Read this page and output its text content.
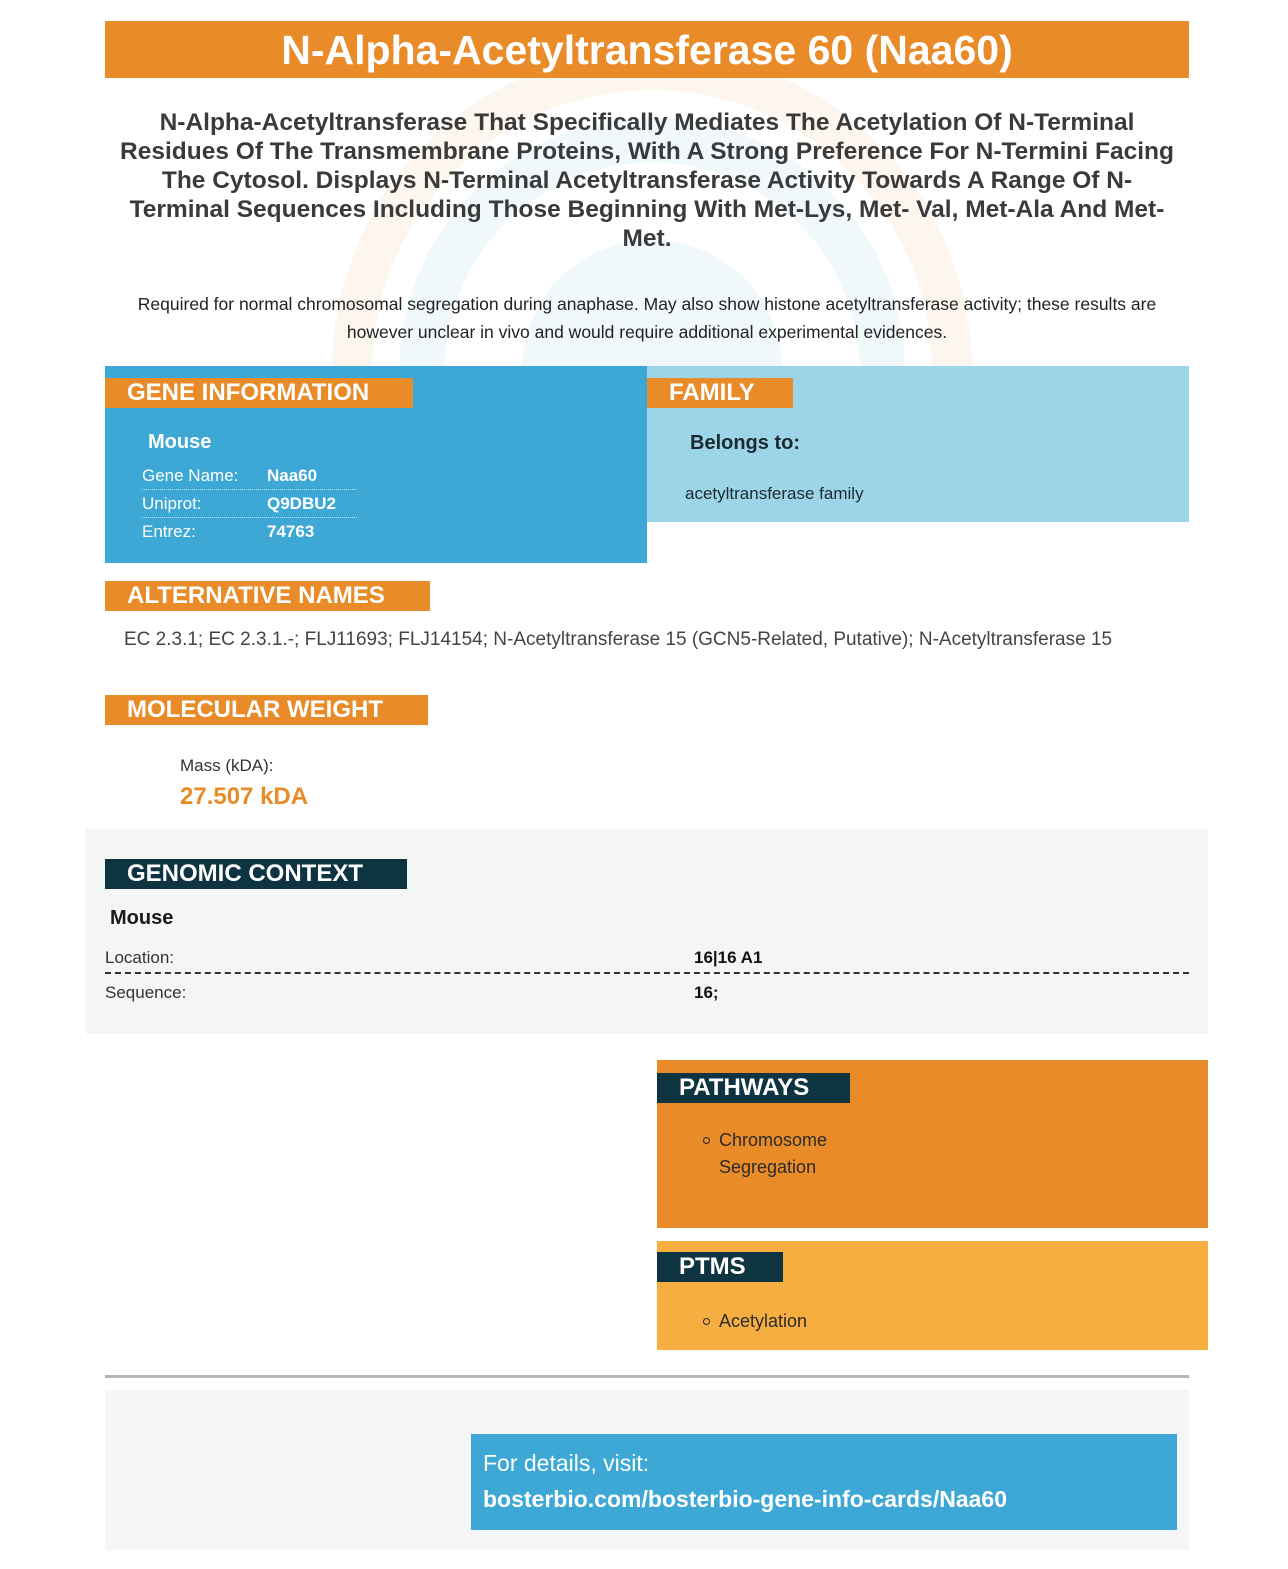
N-Alpha-Acetyltransferase 60 (Naa60)
N-Alpha-Acetyltransferase That Specifically Mediates The Acetylation Of N-Terminal Residues Of The Transmembrane Proteins, With A Strong Preference For N-Termini Facing The Cytosol. Displays N-Terminal Acetyltransferase Activity Towards A Range Of N-Terminal Sequences Including Those Beginning With Met-Lys, Met- Val, Met-Ala And Met-Met.
Required for normal chromosomal segregation during anaphase. May also show histone acetyltransferase activity; these results are however unclear in vivo and would require additional experimental evidences.
GENE INFORMATION
Mouse
Gene Name:	Naa60
Uniprot:	Q9DBU2
Entrez:	74763
FAMILY
Belongs to:
acetyltransferase family
ALTERNATIVE NAMES
EC 2.3.1; EC 2.3.1.-; FLJ11693; FLJ14154; N-Acetyltransferase 15 (GCN5-Related, Putative); N-Acetyltransferase 15
MOLECULAR WEIGHT
Mass (kDA):
27.507 kDA
GENOMIC CONTEXT
Mouse
Location:	16|16 A1
Sequence:	16;
PATHWAYS
Chromosome Segregation
PTMS
Acetylation
For details, visit:
bosterbio.com/bosterbio-gene-info-cards/Naa60
